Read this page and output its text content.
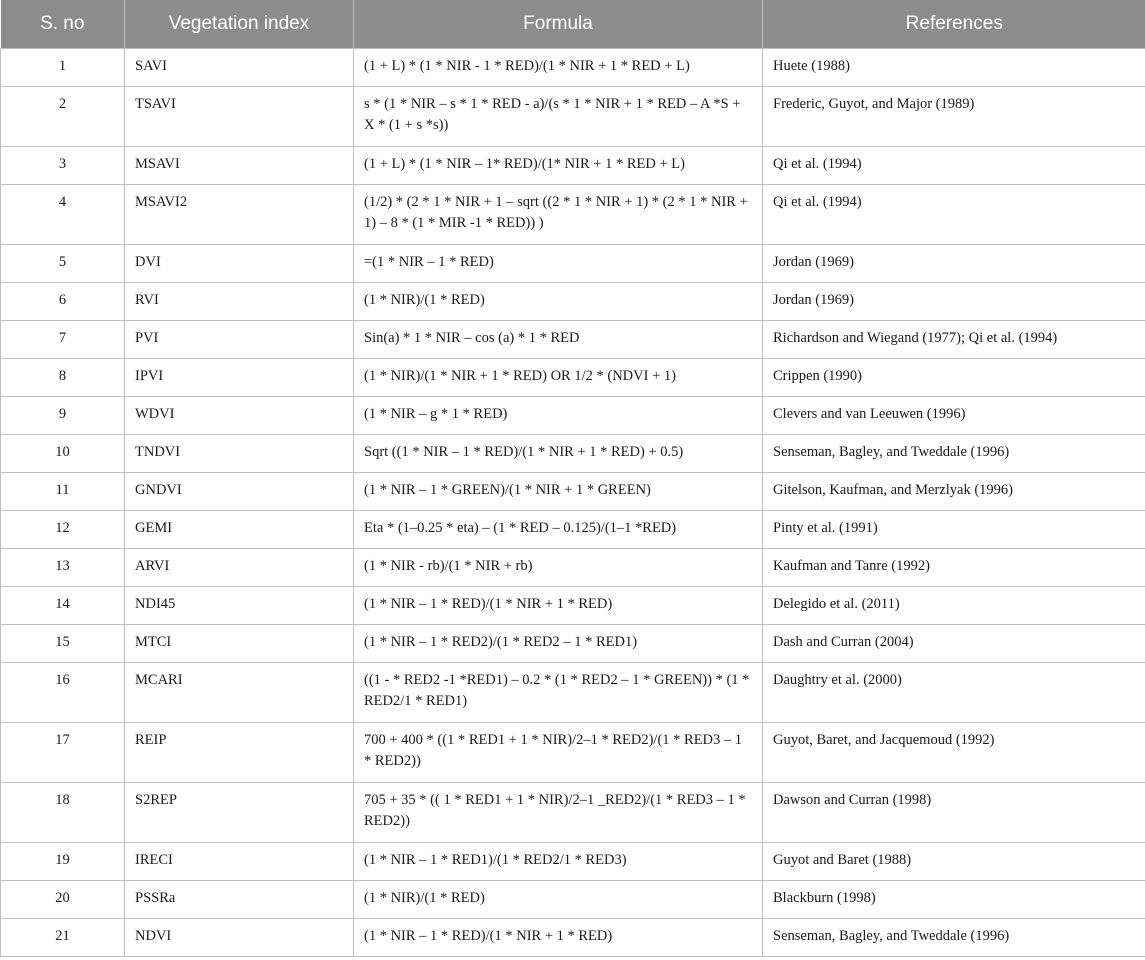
S. no	Vegetation index	Formula	References
1	SAVI	(1 + L) * (1 * NIR - 1 * RED)/(1 * NIR + 1 * RED + L)	Huete (1988)
2	TSAVI	s * (1 * NIR – s * 1 * RED - a)/(s * 1 * NIR + 1 * RED – A *S + X * (1 + s *s))	Frederic, Guyot, and Major (1989)
3	MSAVI	(1 + L) * (1 * NIR – 1* RED)/(1* NIR + 1 * RED + L)	Qi et al. (1994)
4	MSAVI2	(1/2) * (2 * 1 * NIR + 1 – sqrt ((2 * 1 * NIR + 1) * (2 * 1 * NIR + 1) – 8 * (1 * MIR -1 * RED)) )	Qi et al. (1994)
5	DVI	=(1 * NIR – 1 * RED)	Jordan (1969)
6	RVI	(1 * NIR)/(1 * RED)	Jordan (1969)
7	PVI	Sin(a) * 1 * NIR – cos (a) * 1 * RED	Richardson and Wiegand (1977); Qi et al. (1994)
8	IPVI	(1 * NIR)/(1 * NIR + 1 * RED) OR 1/2 * (NDVI + 1)	Crippen (1990)
9	WDVI	(1 * NIR – g * 1 * RED)	Clevers and van Leeuwen (1996)
10	TNDVI	Sqrt ((1 * NIR – 1 * RED)/(1 * NIR + 1 * RED) + 0.5)	Senseman, Bagley, and Tweddale (1996)
11	GNDVI	(1 * NIR – 1 * GREEN)/(1 * NIR + 1 * GREEN)	Gitelson, Kaufman, and Merzlyak (1996)
12	GEMI	Eta * (1–0.25 * eta) – (1 * RED – 0.125)/(1–1 *RED)	Pinty et al. (1991)
13	ARVI	(1 * NIR - rb)/(1 * NIR + rb)	Kaufman and Tanre (1992)
14	NDI45	(1 * NIR – 1 * RED)/(1 * NIR + 1 * RED)	Delegido et al. (2011)
15	MTCI	(1 * NIR – 1 * RED2)/(1 * RED2 – 1 * RED1)	Dash and Curran (2004)
16	MCARI	((1 - * RED2 -1 *RED1) – 0.2 * (1 * RED2 – 1 * GREEN)) * (1 * RED2/1 * RED1)	Daughtry et al. (2000)
17	REIP	700 + 400 * ((1 * RED1 + 1 * NIR)/2–1 * RED2)/(1 * RED3 – 1 * RED2))	Guyot, Baret, and Jacquemoud (1992)
18	S2REP	705 + 35 * (( 1 * RED1 + 1 * NIR)/2–1 _RED2)/(1 * RED3 – 1 * RED2))	Dawson and Curran (1998)
19	IRECI	(1 * NIR – 1 * RED1)/(1 * RED2/1 * RED3)	Guyot and Baret (1988)
20	PSSRa	(1 * NIR)/(1 * RED)	Blackburn (1998)
21	NDVI	(1 * NIR – 1 * RED)/(1 * NIR + 1 * RED)	Senseman, Bagley, and Tweddale (1996)
